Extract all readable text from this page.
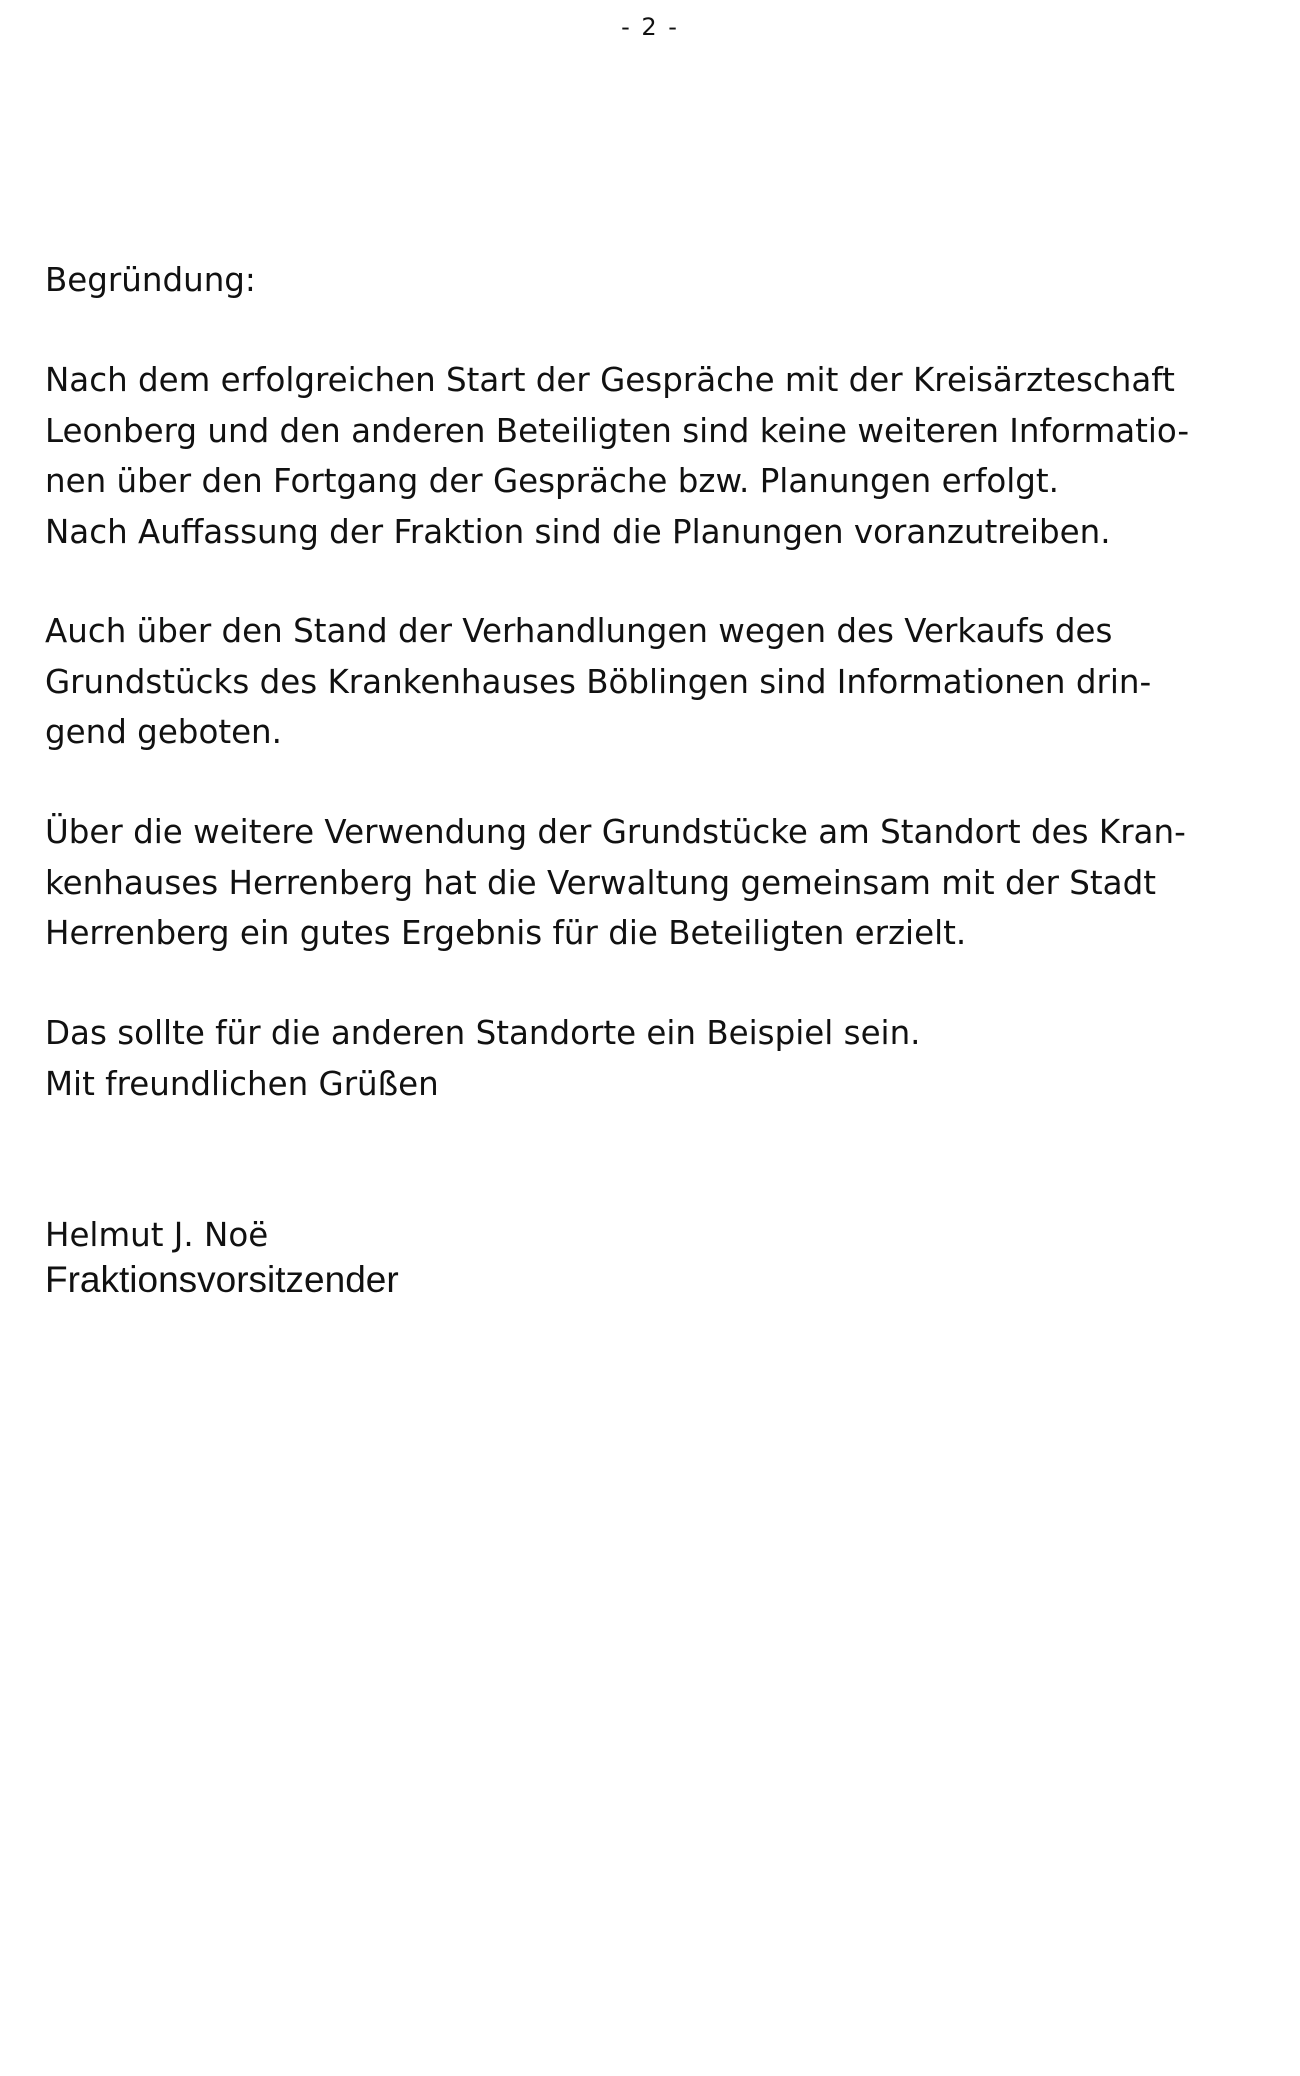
- 2 -
Begründung:
Nach dem erfolgreichen Start der Gespräche mit der Kreisärzteschaft
Leonberg und den anderen Beteiligten sind keine weiteren Informatio-
nen über den Fortgang der Gespräche bzw. Planungen erfolgt.
Nach Auffassung der Fraktion sind die Planungen voranzutreiben.
Auch über den Stand der Verhandlungen wegen des Verkaufs des
Grundstücks des Krankenhauses Böblingen sind Informationen drin-
gend geboten.
Über die weitere Verwendung der Grundstücke am Standort des Kran-
kenhauses Herrenberg hat die Verwaltung gemeinsam mit der Stadt
Herrenberg ein gutes Ergebnis für die Beteiligten erzielt.
Das sollte für die anderen Standorte ein Beispiel sein.
Mit freundlichen Grüßen
Helmut J. Noë
Fraktionsvorsitzender
